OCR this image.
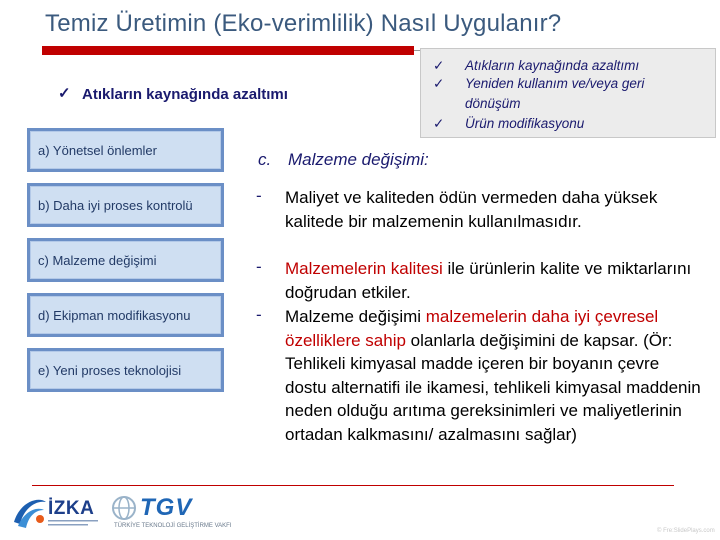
Temiz Üretimin (Eko-verimlilik) Nasıl Uygulanır?
✓ Atıkların kaynağında azaltımı
✓	Atıkların kaynağında azaltımı
✓	Yeniden kullanım ve/veya geri
dönüşüm
✓	Ürün modifikasyonu
a) Yönetsel önlemler
b) Daha iyi proses kontrolü
c) Malzeme değişimi
d) Ekipman modifikasyonu
e) Yeni proses teknolojisi
c. Malzeme değişimi:
- Maliyet ve kaliteden ödün vermeden daha yüksek kalitede bir malzemenin kullanılmasıdır.
- Malzemelerin kalitesi ile ürünlerin kalite ve miktarlarını doğrudan etkiler.
- Malzeme değişimi malzemelerin daha iyi çevresel özelliklere sahip olanlarla değişimini de kapsar. (Ör: Tehlikeli kimyasal madde içeren bir boyanın çevre dostu alternatifi ile ikamesi, tehlikeli kimyasal maddenin neden olduğu arıtıma gereksinimleri ve maliyetlerinin ortadan kalkmasını/ azalmasını sağlar)
İZKA TGV
TÜRKİYE TEKNOLOJİ GELİŞTİRME VAKFI
© Fre:SlidePlays.com
